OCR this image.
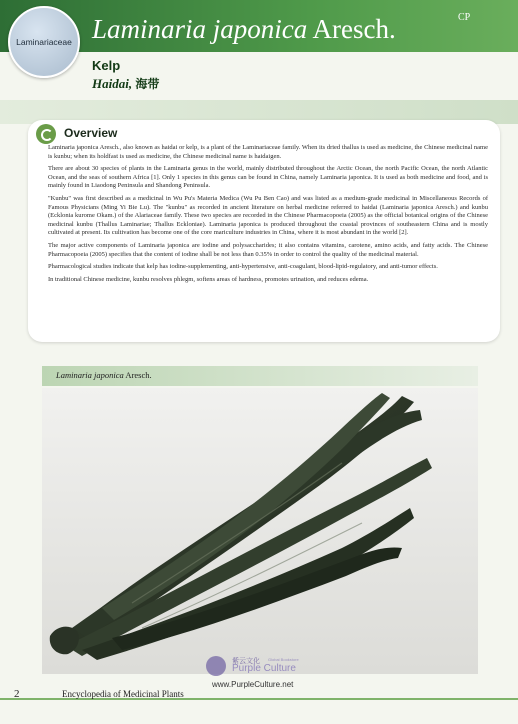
Laminaria japonica Aresch.	CP
Laminariaceae
Kelp
Haidai, 海带
Overview

Laminaria japonica Aresch., also known as haidai or kelp, is a plant of the Laminariaceae family. When its dried thallus is used as medicine, the Chinese medicinal name is kunbu; when its holdfast is used as medicine, the Chinese medicinal name is haidaigen.

There are about 30 species of plants in the Laminaria genus in the world, mainly distributed throughout the Arctic Ocean, the north Pacific Ocean, the north Atlantic Ocean, and the seas of southern Africa [1]. Only 1 species in this genus can be found in China, namely Laminaria japonica. It is used as both medicine and food, and is mainly found in Liaodong Peninsula and Shandong Peninsula.

"Kunbu" was first described as a medicinal in Wu Pu's Materia Medica (Wu Pu Ben Cao) and was listed as a medium-grade medicinal in Miscellaneous Records of Famous Physicians (Ming Yi Bie Lu). The "kunbu" as recorded in ancient literature on herbal medicine referred to haidai (Laminaria japonica Aresch.) and kunbu (Ecklonia kurome Okam.) of the Alariaceae family. These two species are recorded in the Chinese Pharmacopoeia (2005) as the official botanical origins of the Chinese medicinal kunbu (Thallus Laminariae; Thallus Eckloniae). Laminaria japonica is produced throughout the coastal provinces of southeastern China and is mostly cultivated at present. Its cultivation has become one of the core mariculture industries in China, where it is most abundant in the world [2].

The major active components of Laminaria japonica are iodine and polysaccharides; it also contains vitamins, carotene, amino acids, and fatty acids. The Chinese Pharmacopoeia (2005) specifies that the content of iodine shall be not less than 0.35% in order to control the quality of the medicinal material.

Pharmacological studies indicate that kelp has iodine-supplementing, anti-hypertensive, anti-coagulant, blood-lipid-regulatory, and anti-tumor effects.

In traditional Chinese medicine, kunbu resolves phlegm, softens areas of hardness, promotes urination, and reduces edema.

Laminaria japonica Aresch.
紫云文化 Global Bookstore
Purple Culture
www.PurpleCulture.net
2	Encyclopedia of Medicinal Plants
